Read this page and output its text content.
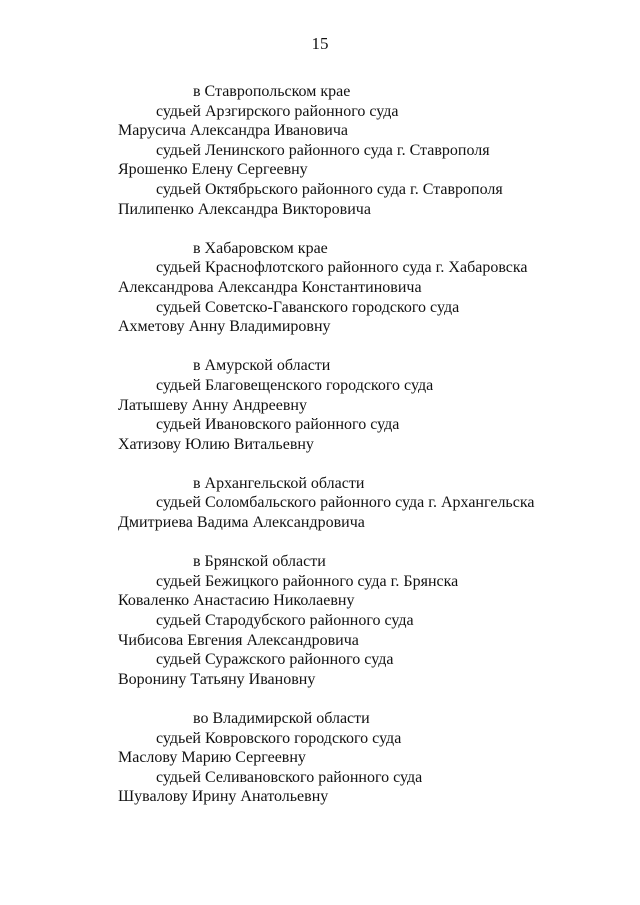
15
в Ставропольском крае
судьей Арзгирского районного суда
Марусича Александра Ивановича
судьей Ленинского районного суда г. Ставрополя
Ярошенко Елену Сергеевну
судьей Октябрьского районного суда г. Ставрополя
Пилипенко Александра Викторовича
в Хабаровском крае
судьей Краснофлотского районного суда г. Хабаровска
Александрова Александра Константиновича
судьей Советско-Гаванского городского суда
Ахметову Анну Владимировну
в Амурской области
судьей Благовещенского городского суда
Латышеву Анну Андреевну
судьей Ивановского районного суда
Хатизову Юлию Витальевну
в Архангельской области
судьей Соломбальского районного суда г. Архангельска
Дмитриева Вадима Александровича
в Брянской области
судьей Бежицкого районного суда г. Брянска
Коваленко Анастасию Николаевну
судьей Стародубского районного суда
Чибисова Евгения Александровича
судьей Суражского районного суда
Воронину Татьяну Ивановну
во Владимирской области
судьей Ковровского городского суда
Маслову Марию Сергеевну
судьей Селивановского районного суда
Шувалову Ирину Анатольевну
